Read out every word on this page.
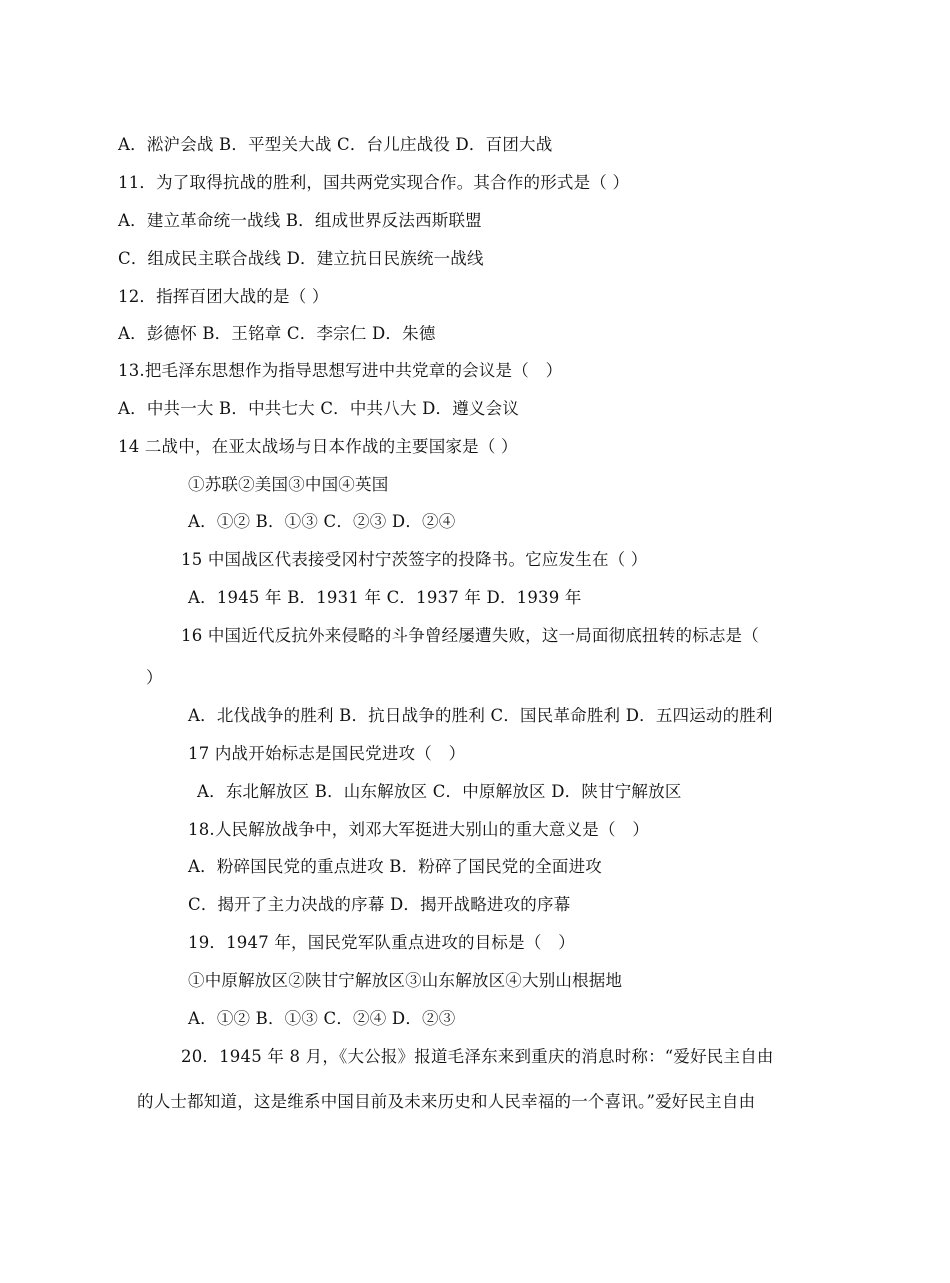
A．淞沪会战 B．平型关大战 C．台儿庄战役 D．百团大战
11．为了取得抗战的胜利，国共两党实现合作。其合作的形式是（ ）
A．建立革命统一战线 B．组成世界反法西斯联盟
C．组成民主联合战线 D．建立抗日民族统一战线
12．指挥百团大战的是（ ）
A．彭德怀 B．王铭章 C．李宗仁 D．朱德
13.把毛泽东思想作为指导思想写进中共党章的会议是（　）
A．中共一大 B．中共七大 C．中共八大 D．遵义会议
14 二战中，在亚太战场与日本作战的主要国家是（ ）
①苏联②美国③中国④英国
A．①② B．①③ C．②③ D．②④
15 中国战区代表接受冈村宁茨签字的投降书。它应发生在（ ）
A．1945 年 B．1931 年 C．1937 年 D．1939 年
16 中国近代反抗外来侵略的斗争曾经屡遭失败，这一局面彻底扭转的标志是（
）
A．北伐战争的胜利 B．抗日战争的胜利 C．国民革命胜利 D．五四运动的胜利
17 内战开始标志是国民党进攻（　）
A．东北解放区 B．山东解放区 C．中原解放区 D．陕甘宁解放区
18.人民解放战争中，刘邓大军挺进大别山的重大意义是（　）
A．粉碎国民党的重点进攻 B．粉碎了国民党的全面进攻
C．揭开了主力决战的序幕 D．揭开战略进攻的序幕
19．1947 年，国民党军队重点进攻的目标是（　）
①中原解放区②陕甘宁解放区③山东解放区④大别山根据地
A．①② B．①③ C．②④ D．②③
20．1945 年 8 月，《大公报》报道毛泽东来到重庆的消息时称：“爱好民主自由
的人士都知道，这是维系中国目前及未来历史和人民幸福的一个喜讯。”爱好民主自由
